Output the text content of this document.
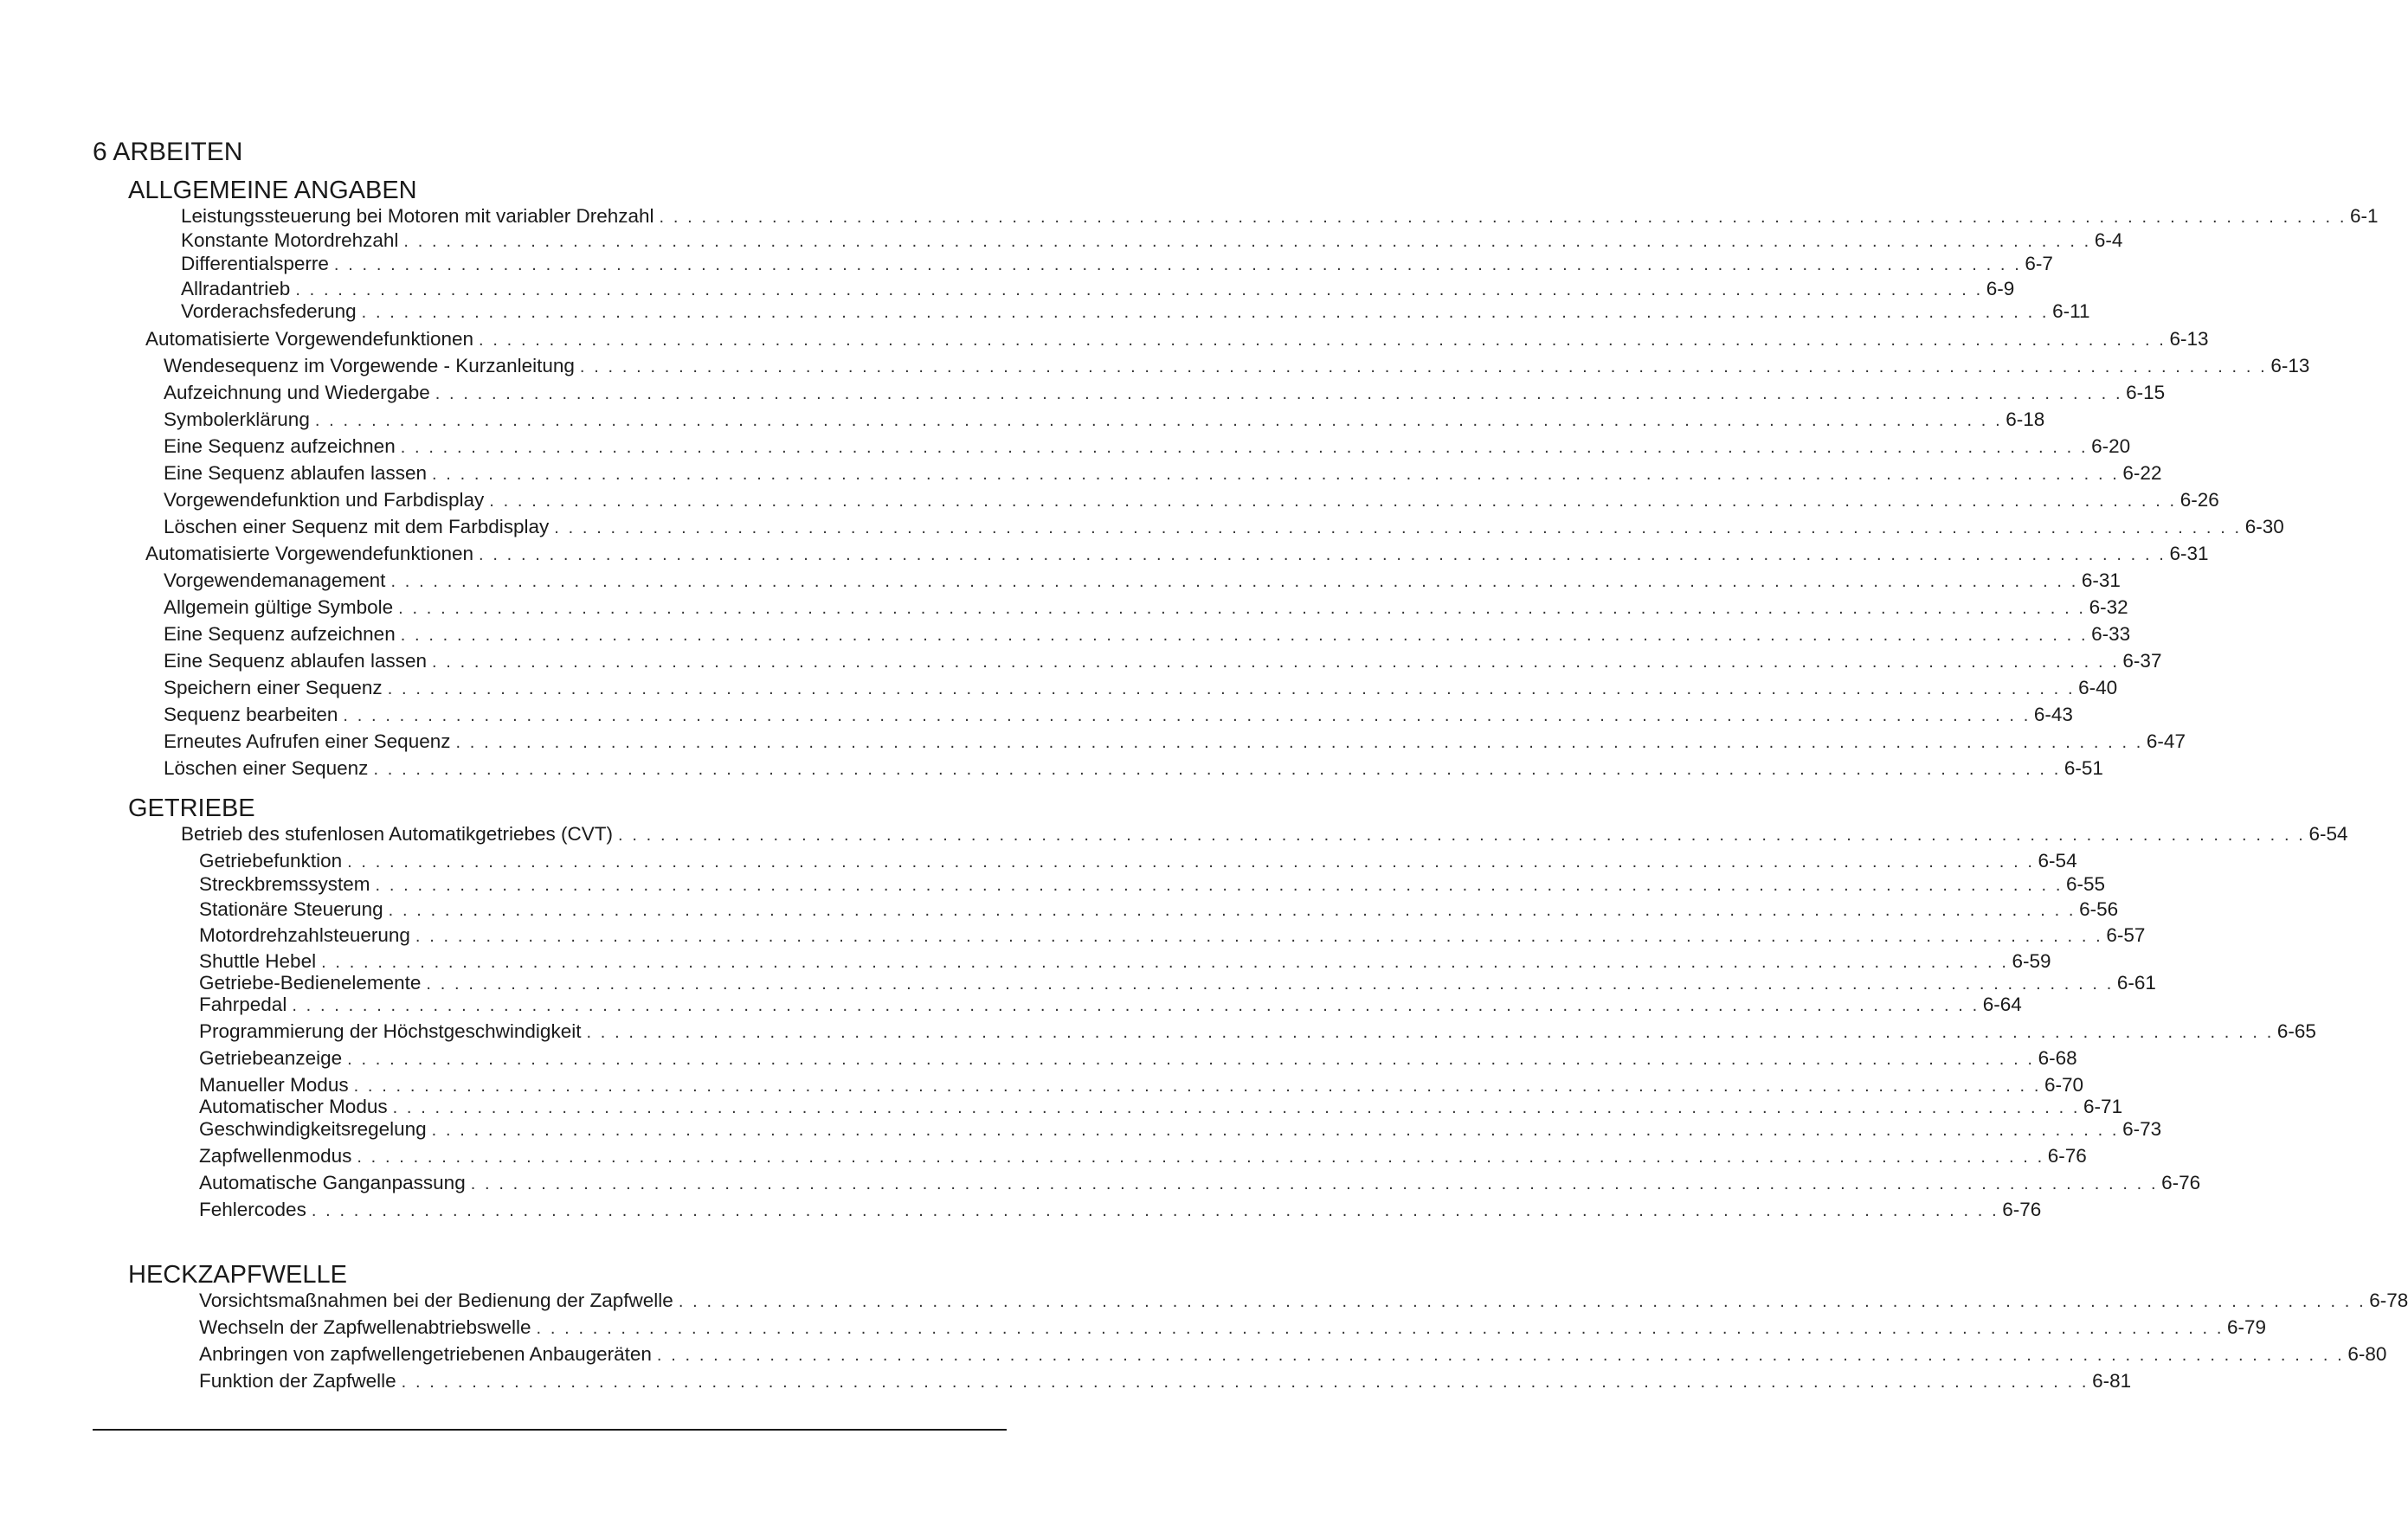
6 ARBEITEN
ALLGEMEINE ANGABEN
Leistungssteuerung bei Motoren mit variabler Drehzahl . . . . . . . . . . . . . . . . . . . . . . . . . . . . . . . . . . . . . . . . . . . . . . . . . . . . . . . . . . . . . . . . . . . . . . . . . . . . . . . . . . . . . . . . . . . . . . . . . . . . . . . . . . . . . . . . . . . . . . . . 6-1
Konstante Motordrehzahl . . . . . . . . . . . . . . . . . . . . . . . . . . . . . . . . . . . . . . . . . . . . . . . . . . . . . . . . . . . . . . . . . . . . . . . . . . . . . . . . . . . . . . . . . . . . . . . . . . . . . . . . . . . . . . . . . . . . . . . . 6-4
Differentialsperre . . . . . . . . . . . . . . . . . . . . . . . . . . . . . . . . . . . . . . . . . . . . . . . . . . . . . . . . . . . . . . . . . . . . . . . . . . . . . . . . . . . . . . . . . . . . . . . . . . . . . . . . . . . . . . . . . . . . . . . . 6-7
Allradantrieb . . . . . . . . . . . . . . . . . . . . . . . . . . . . . . . . . . . . . . . . . . . . . . . . . . . . . . . . . . . . . . . . . . . . . . . . . . . . . . . . . . . . . . . . . . . . . . . . . . . . . . . . . . . . . . . . . . . . . . . . 6-9
Vorderachsfederung . . . . . . . . . . . . . . . . . . . . . . . . . . . . . . . . . . . . . . . . . . . . . . . . . . . . . . . . . . . . . . . . . . . . . . . . . . . . . . . . . . . . . . . . . . . . . . . . . . . . . . . . . . . . . . . . . . . . . . . . 6-11
Automatisierte Vorgewendefunktionen . . . . . . . . . . . . . . . . . . . . . . . . . . . . . . . . . . . . . . . . . . . . . . . . . . . . . . . . . . . . . . . . . . . . . . . . . . . . . . . . . . . . . . . . . . . . . . . . . . . . . . . . . . . . . . . . . . . . . . . . 6-13
Wendesequenz im Vorgewende - Kurzanleitung . . . . . . . . . . . . . . . . . . . . . . . . . . . . . . . . . . . . . . . . . . . . . . . . . . . . . . . . . . . . . . . . . . . . . . . . . . . . . . . . . . . . . . . . . . . . . . . . . . . . . . . . . . . . . . . . . . . . . . . . 6-13
Aufzeichnung und Wiedergabe . . . . . . . . . . . . . . . . . . . . . . . . . . . . . . . . . . . . . . . . . . . . . . . . . . . . . . . . . . . . . . . . . . . . . . . . . . . . . . . . . . . . . . . . . . . . . . . . . . . . . . . . . . . . . . . . . . . . . . . . 6-15
Symbolerklärung . . . . . . . . . . . . . . . . . . . . . . . . . . . . . . . . . . . . . . . . . . . . . . . . . . . . . . . . . . . . . . . . . . . . . . . . . . . . . . . . . . . . . . . . . . . . . . . . . . . . . . . . . . . . . . . . . . . . . . . . 6-18
Eine Sequenz aufzeichnen . . . . . . . . . . . . . . . . . . . . . . . . . . . . . . . . . . . . . . . . . . . . . . . . . . . . . . . . . . . . . . . . . . . . . . . . . . . . . . . . . . . . . . . . . . . . . . . . . . . . . . . . . . . . . . . . . . . . . . . . 6-20
Eine Sequenz ablaufen lassen . . . . . . . . . . . . . . . . . . . . . . . . . . . . . . . . . . . . . . . . . . . . . . . . . . . . . . . . . . . . . . . . . . . . . . . . . . . . . . . . . . . . . . . . . . . . . . . . . . . . . . . . . . . . . . . . . . . . . . . . 6-22
Vorgewendefunktion und Farbdisplay . . . . . . . . . . . . . . . . . . . . . . . . . . . . . . . . . . . . . . . . . . . . . . . . . . . . . . . . . . . . . . . . . . . . . . . . . . . . . . . . . . . . . . . . . . . . . . . . . . . . . . . . . . . . . . . . . . . . . . . . 6-26
Löschen einer Sequenz mit dem Farbdisplay . . . . . . . . . . . . . . . . . . . . . . . . . . . . . . . . . . . . . . . . . . . . . . . . . . . . . . . . . . . . . . . . . . . . . . . . . . . . . . . . . . . . . . . . . . . . . . . . . . . . . . . . . . . . . . . . . . . . . . . . 6-30
Automatisierte Vorgewendefunktionen . . . . . . . . . . . . . . . . . . . . . . . . . . . . . . . . . . . . . . . . . . . . . . . . . . . . . . . . . . . . . . . . . . . . . . . . . . . . . . . . . . . . . . . . . . . . . . . . . . . . . . . . . . . . . . . . . . . . . . . . 6-31
Vorgewendemanagement . . . . . . . . . . . . . . . . . . . . . . . . . . . . . . . . . . . . . . . . . . . . . . . . . . . . . . . . . . . . . . . . . . . . . . . . . . . . . . . . . . . . . . . . . . . . . . . . . . . . . . . . . . . . . . . . . . . . . . . . 6-31
Allgemein gültige Symbole . . . . . . . . . . . . . . . . . . . . . . . . . . . . . . . . . . . . . . . . . . . . . . . . . . . . . . . . . . . . . . . . . . . . . . . . . . . . . . . . . . . . . . . . . . . . . . . . . . . . . . . . . . . . . . . . . . . . . . . . 6-32
Eine Sequenz aufzeichnen . . . . . . . . . . . . . . . . . . . . . . . . . . . . . . . . . . . . . . . . . . . . . . . . . . . . . . . . . . . . . . . . . . . . . . . . . . . . . . . . . . . . . . . . . . . . . . . . . . . . . . . . . . . . . . . . . . . . . . . . 6-33
Eine Sequenz ablaufen lassen . . . . . . . . . . . . . . . . . . . . . . . . . . . . . . . . . . . . . . . . . . . . . . . . . . . . . . . . . . . . . . . . . . . . . . . . . . . . . . . . . . . . . . . . . . . . . . . . . . . . . . . . . . . . . . . . . . . . . . . . 6-37
Speichern einer Sequenz . . . . . . . . . . . . . . . . . . . . . . . . . . . . . . . . . . . . . . . . . . . . . . . . . . . . . . . . . . . . . . . . . . . . . . . . . . . . . . . . . . . . . . . . . . . . . . . . . . . . . . . . . . . . . . . . . . . . . . . . 6-40
Sequenz bearbeiten . . . . . . . . . . . . . . . . . . . . . . . . . . . . . . . . . . . . . . . . . . . . . . . . . . . . . . . . . . . . . . . . . . . . . . . . . . . . . . . . . . . . . . . . . . . . . . . . . . . . . . . . . . . . . . . . . . . . . . . . 6-43
Erneutes Aufrufen einer Sequenz . . . . . . . . . . . . . . . . . . . . . . . . . . . . . . . . . . . . . . . . . . . . . . . . . . . . . . . . . . . . . . . . . . . . . . . . . . . . . . . . . . . . . . . . . . . . . . . . . . . . . . . . . . . . . . . . . . . . . . . . 6-47
Löschen einer Sequenz . . . . . . . . . . . . . . . . . . . . . . . . . . . . . . . . . . . . . . . . . . . . . . . . . . . . . . . . . . . . . . . . . . . . . . . . . . . . . . . . . . . . . . . . . . . . . . . . . . . . . . . . . . . . . . . . . . . . . . . . 6-51
GETRIEBE
Betrieb des stufenlosen Automatikgetriebes (CVT) . . . . . . . . . . . . . . . . . . . . . . . . . . . . . . . . . . . . . . . . . . . . . . . . . . . . . . . . . . . . . . . . . . . . . . . . . . . . . . . . . . . . . . . . . . . . . . . . . . . . . . . . . . . . . . . . . . . . . . . . 6-54
Getriebefunktion . . . . . . . . . . . . . . . . . . . . . . . . . . . . . . . . . . . . . . . . . . . . . . . . . . . . . . . . . . . . . . . . . . . . . . . . . . . . . . . . . . . . . . . . . . . . . . . . . . . . . . . . . . . . . . . . . . . . . . . . 6-54
Streckbremssystem . . . . . . . . . . . . . . . . . . . . . . . . . . . . . . . . . . . . . . . . . . . . . . . . . . . . . . . . . . . . . . . . . . . . . . . . . . . . . . . . . . . . . . . . . . . . . . . . . . . . . . . . . . . . . . . . . . . . . . . . 6-55
Stationäre Steuerung . . . . . . . . . . . . . . . . . . . . . . . . . . . . . . . . . . . . . . . . . . . . . . . . . . . . . . . . . . . . . . . . . . . . . . . . . . . . . . . . . . . . . . . . . . . . . . . . . . . . . . . . . . . . . . . . . . . . . . . . 6-56
Motordrehzahlsteuerung . . . . . . . . . . . . . . . . . . . . . . . . . . . . . . . . . . . . . . . . . . . . . . . . . . . . . . . . . . . . . . . . . . . . . . . . . . . . . . . . . . . . . . . . . . . . . . . . . . . . . . . . . . . . . . . . . . . . . . . . 6-57
Shuttle Hebel . . . . . . . . . . . . . . . . . . . . . . . . . . . . . . . . . . . . . . . . . . . . . . . . . . . . . . . . . . . . . . . . . . . . . . . . . . . . . . . . . . . . . . . . . . . . . . . . . . . . . . . . . . . . . . . . . . . . . . . . 6-59
Getriebe-Bedienelemente . . . . . . . . . . . . . . . . . . . . . . . . . . . . . . . . . . . . . . . . . . . . . . . . . . . . . . . . . . . . . . . . . . . . . . . . . . . . . . . . . . . . . . . . . . . . . . . . . . . . . . . . . . . . . . . . . . . . . . . . 6-61
Fahrpedal . . . . . . . . . . . . . . . . . . . . . . . . . . . . . . . . . . . . . . . . . . . . . . . . . . . . . . . . . . . . . . . . . . . . . . . . . . . . . . . . . . . . . . . . . . . . . . . . . . . . . . . . . . . . . . . . . . . . . . . . 6-64
Programmierung der Höchstgeschwindigkeit . . . . . . . . . . . . . . . . . . . . . . . . . . . . . . . . . . . . . . . . . . . . . . . . . . . . . . . . . . . . . . . . . . . . . . . . . . . . . . . . . . . . . . . . . . . . . . . . . . . . . . . . . . . . . . . . . . . . . . . . 6-65
Getriebeanzeige . . . . . . . . . . . . . . . . . . . . . . . . . . . . . . . . . . . . . . . . . . . . . . . . . . . . . . . . . . . . . . . . . . . . . . . . . . . . . . . . . . . . . . . . . . . . . . . . . . . . . . . . . . . . . . . . . . . . . . . . 6-68
Manueller Modus . . . . . . . . . . . . . . . . . . . . . . . . . . . . . . . . . . . . . . . . . . . . . . . . . . . . . . . . . . . . . . . . . . . . . . . . . . . . . . . . . . . . . . . . . . . . . . . . . . . . . . . . . . . . . . . . . . . . . . . . 6-70
Automatischer Modus . . . . . . . . . . . . . . . . . . . . . . . . . . . . . . . . . . . . . . . . . . . . . . . . . . . . . . . . . . . . . . . . . . . . . . . . . . . . . . . . . . . . . . . . . . . . . . . . . . . . . . . . . . . . . . . . . . . . . . . . 6-71
Geschwindigkeitsregelung . . . . . . . . . . . . . . . . . . . . . . . . . . . . . . . . . . . . . . . . . . . . . . . . . . . . . . . . . . . . . . . . . . . . . . . . . . . . . . . . . . . . . . . . . . . . . . . . . . . . . . . . . . . . . . . . . . . . . . . . 6-73
Zapfwellenmodus . . . . . . . . . . . . . . . . . . . . . . . . . . . . . . . . . . . . . . . . . . . . . . . . . . . . . . . . . . . . . . . . . . . . . . . . . . . . . . . . . . . . . . . . . . . . . . . . . . . . . . . . . . . . . . . . . . . . . . . . 6-76
Automatische Ganganpassung . . . . . . . . . . . . . . . . . . . . . . . . . . . . . . . . . . . . . . . . . . . . . . . . . . . . . . . . . . . . . . . . . . . . . . . . . . . . . . . . . . . . . . . . . . . . . . . . . . . . . . . . . . . . . . . . . . . . . . . . 6-76
Fehlercodes . . . . . . . . . . . . . . . . . . . . . . . . . . . . . . . . . . . . . . . . . . . . . . . . . . . . . . . . . . . . . . . . . . . . . . . . . . . . . . . . . . . . . . . . . . . . . . . . . . . . . . . . . . . . . . . . . . . . . . . . 6-76
HECKZAPFWELLE
Vorsichtsmaßnahmen bei der Bedienung der Zapfwelle . . . . . . . . . . . . . . . . . . . . . . . . . . . . . . . . . . . . . . . . . . . . . . . . . . . . . . . . . . . . . . . . . . . . . . . . . . . . . . . . . . . . . . . . . . . . . . . . . . . . . . . . . . . . . . . . . . . . . . . . 6-78
Wechseln der Zapfwellenabtriebswelle . . . . . . . . . . . . . . . . . . . . . . . . . . . . . . . . . . . . . . . . . . . . . . . . . . . . . . . . . . . . . . . . . . . . . . . . . . . . . . . . . . . . . . . . . . . . . . . . . . . . . . . . . . . . . . . . . . . . . . . . 6-79
Anbringen von zapfwellengetriebenen Anbaugeräten . . . . . . . . . . . . . . . . . . . . . . . . . . . . . . . . . . . . . . . . . . . . . . . . . . . . . . . . . . . . . . . . . . . . . . . . . . . . . . . . . . . . . . . . . . . . . . . . . . . . . . . . . . . . . . . . . . . . . . . . 6-80
Funktion der Zapfwelle . . . . . . . . . . . . . . . . . . . . . . . . . . . . . . . . . . . . . . . . . . . . . . . . . . . . . . . . . . . . . . . . . . . . . . . . . . . . . . . . . . . . . . . . . . . . . . . . . . . . . . . . . . . . . . . . . . . . . . . . 6-81
